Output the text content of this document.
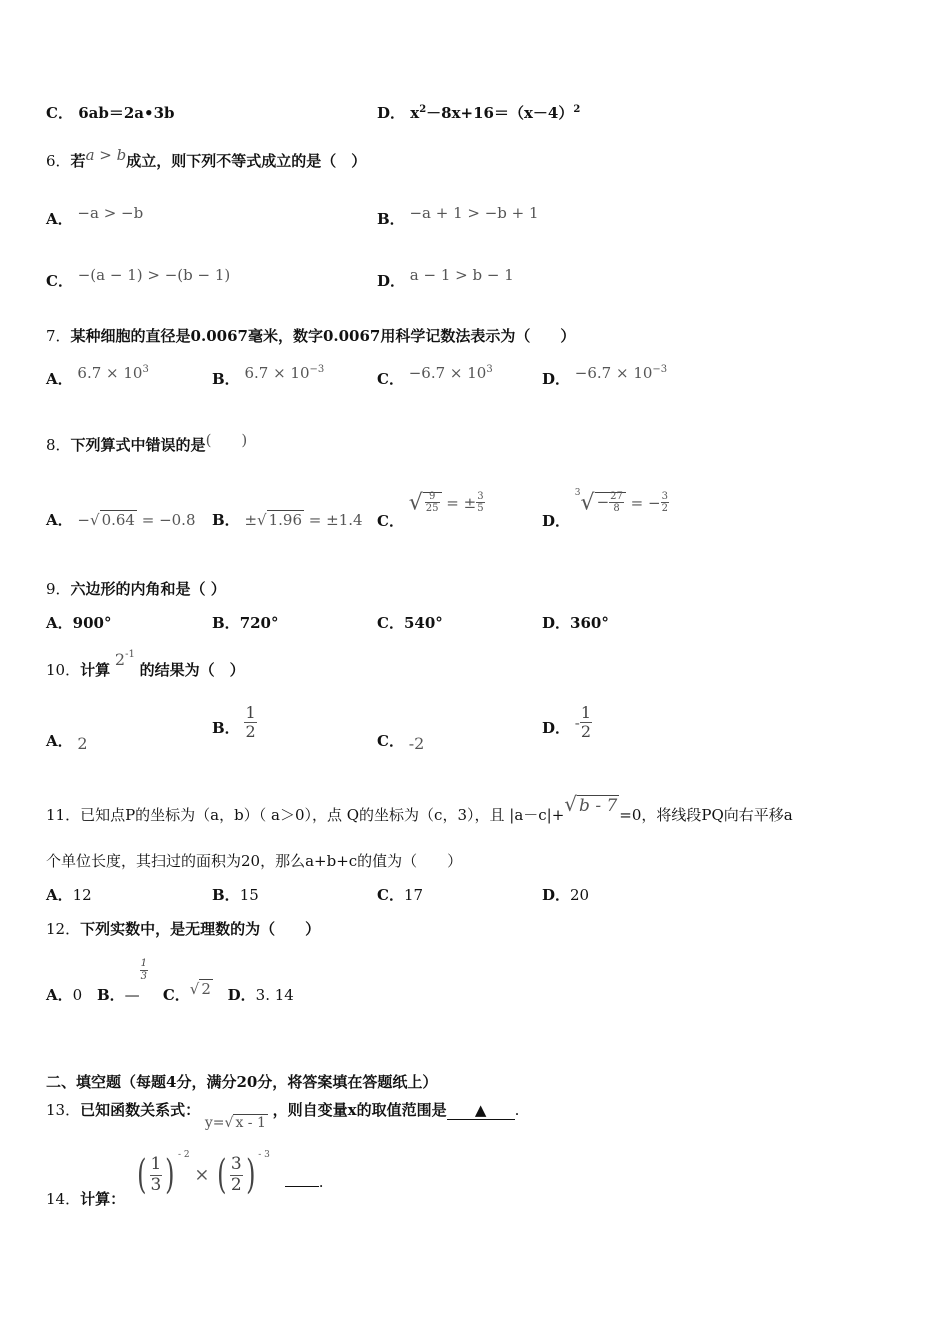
C． 6ab＝2a•3b	D． $x^2-8x+16=(x-4)^2$
6．若a > b成立，则下列不等式成立的是（　）
A． −a > −b	B． −a + 1 > −b + 1
C． −(a − 1) > −(b − 1)	D． a − 1 > b − 1
7．某种细胞的直径是0.0067毫米，数字0.0067用科学记数法表示为（　　）
A． $6.7 \times 10^3$
B． $6.7 \times 10^{-3}$
C． $-6.7 \times 10^3$
D． $-6.7 \times 10^{-3}$
8．下列算式中错误的是(　　)
A． −√ 0.64 = −0.8 B． ±√ 1.96 = ±1.4 C． √ $\frac{9}{25}$ = ± $\frac{3}{5}$
D． $^3√ - \frac{27}{8}$ = − $\frac{3}{2}$
9．六边形的内角和是（ ）
A．900°	B．720°	C．540°	D．360°
10．计算 $2^{-1}$ 的结果为（　）
A． 2
B． $\frac{1}{2}$	C． -2
D． - $\frac{1}{2}$
11．已知点P的坐标为（a，b）（ a＞0），点 Q的坐标为（c，3），且 |a－c|+√ b - 7 =0，将线段PQ向右平移a
个单位长度，其扫过的面积为20，那么a+b+c的值为（　　）
A．12	B．15	C．17	D．20
12．下列实数中，是无理数的为（　　）
A．0 B．—
$\frac{1}{3}$
C．√ 2 D．3. 14
二、填空题（每题4分，满分20分，将答案填在答题纸上）
13．已知函数关系式： y=√ x - 1 ，则自变量x的取值范围是 ▲ .
14．计算： ( $\frac{1}{3}$ ) $^{- 2}$ × ( $\frac{3}{2}$ ) $^{- 3}$ .
